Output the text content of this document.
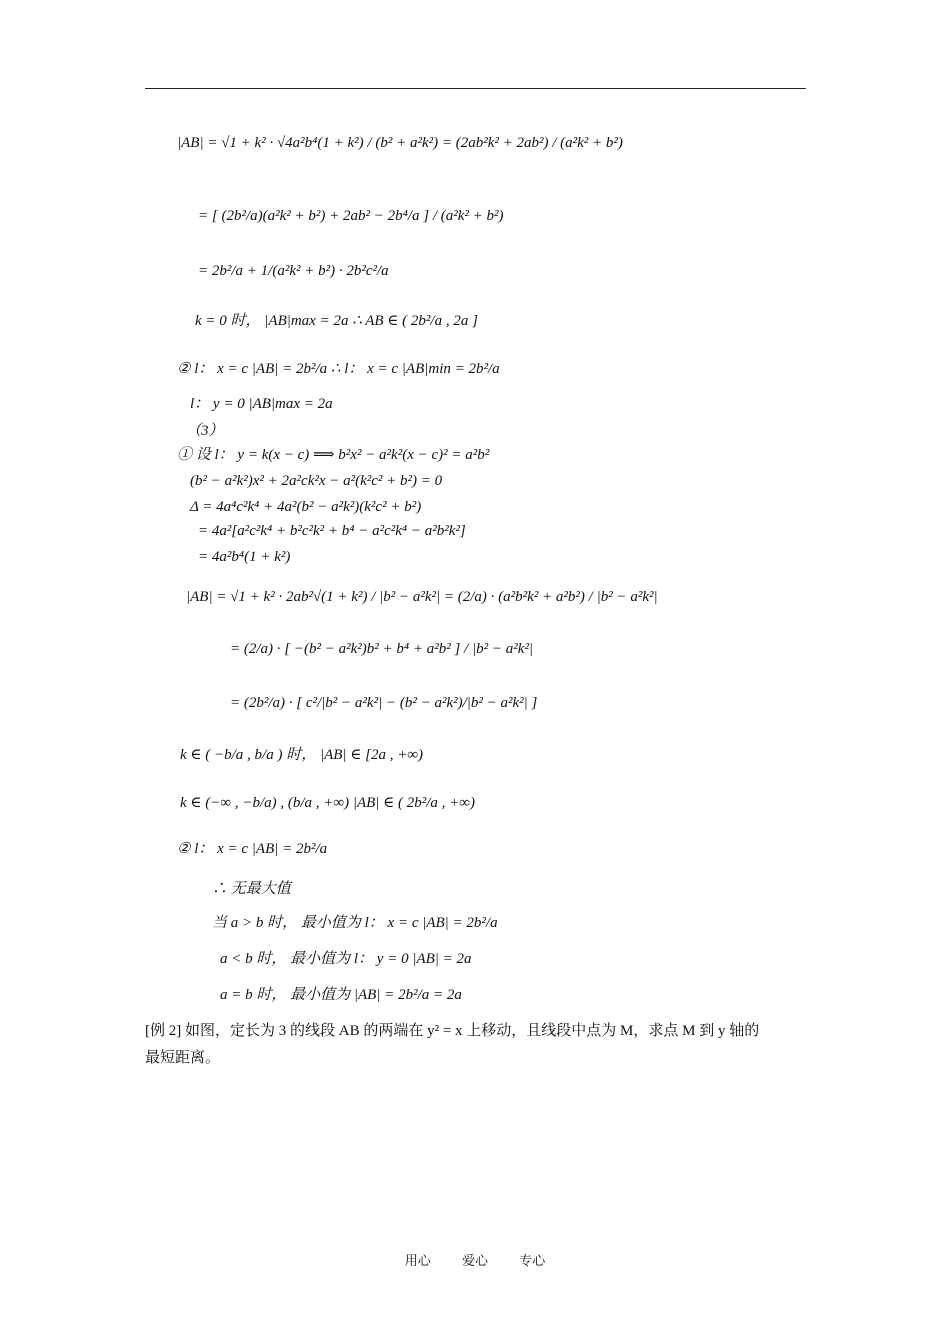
|AB| = √1 + k² · √4a²b⁴(1 + k²) / (b² + a²k²) = (2ab²k² + 2ab²) / (a²k² + b²)
= [ (2b²/a)(a²k² + b²) + 2ab² − 2b⁴/a ] / (a²k² + b²)
= 2b²/a + 1/(a²k² + b²) · 2b²c²/a
k = 0 时， |AB|max = 2a ∴ AB ∈ ( 2b²/a , 2a ]
② l： x = c |AB| = 2b²/a ∴ l： x = c |AB|min = 2b²/a
l： y = 0 |AB|max = 2a
（3）
① 设 l： y = k(x − c) ⟹ b²x² − a²k²(x − c)² = a²b²
(b² − a²k²)x² + 2a²ck²x − a²(k²c² + b²) = 0
Δ = 4a⁴c²k⁴ + 4a²(b² − a²k²)(k²c² + b²)
= 4a²[a²c²k⁴ + b²c²k² + b⁴ − a²c²k⁴ − a²b²k²]
= 4a²b⁴(1 + k²)
|AB| = √1 + k² · 2ab²√(1 + k²) / |b² − a²k²| = (2/a) · (a²b²k² + a²b²) / |b² − a²k²|
= (2/a) · [ −(b² − a²k²)b² + b⁴ + a²b² ] / |b² − a²k²|
= (2b²/a) · [ c²/|b² − a²k²| − (b² − a²k²)/|b² − a²k²| ]
k ∈ ( −b/a , b/a ) 时， |AB| ∈ [2a , +∞)
k ∈ (−∞ , −b/a) , (b/a , +∞) |AB| ∈ ( 2b²/a , +∞)
② l： x = c |AB| = 2b²/a
∴ 无最大值
当 a > b 时， 最小值为 l： x = c |AB| = 2b²/a
a < b 时， 最小值为 l： y = 0 |AB| = 2a
a = b 时， 最小值为 |AB| = 2b²/a = 2a
[例 2] 如图，定长为 3 的线段 AB 的两端在 y² = x 上移动，且线段中点为 M，求点 M 到 y 轴的
最短距离。
用心 爱心 专心
